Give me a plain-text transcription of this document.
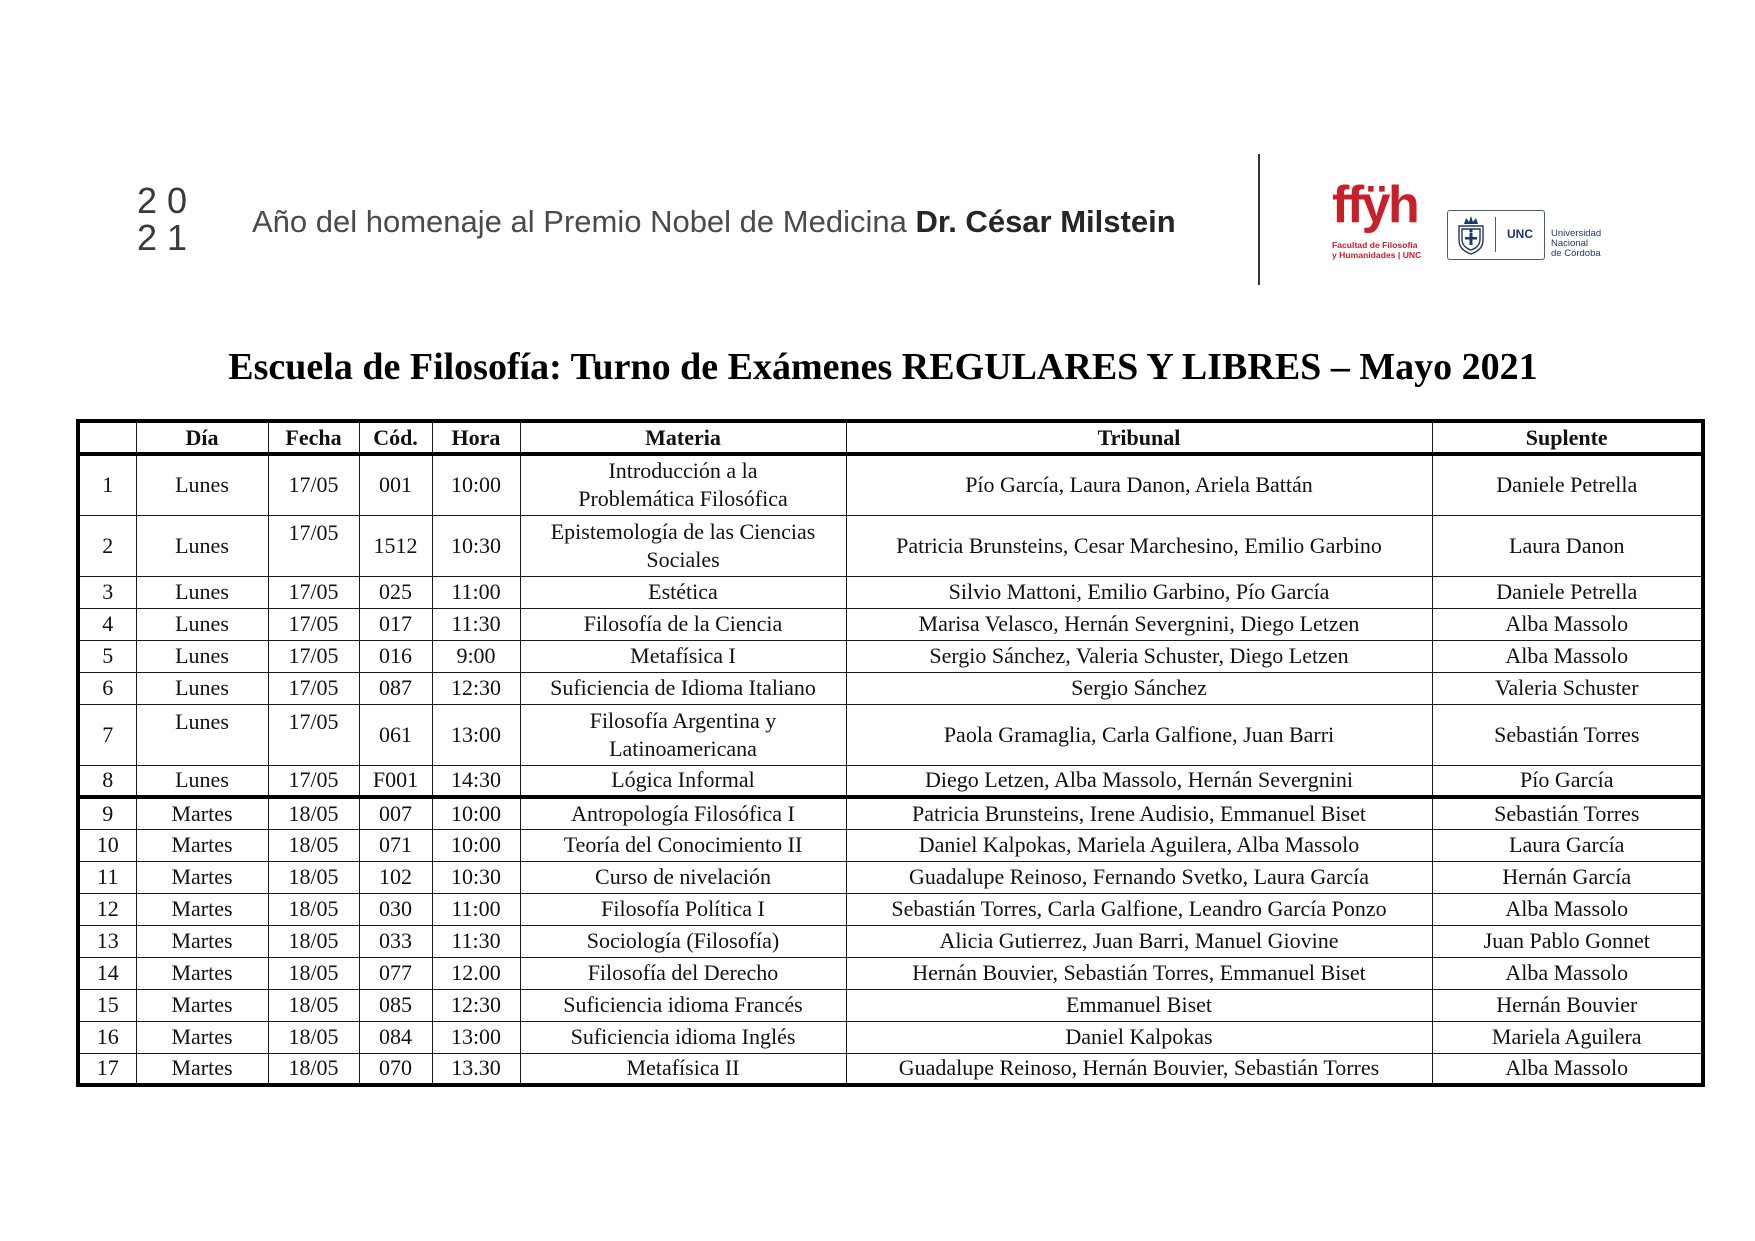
20
21 Año del homenaje al Premio Nobel de Medicina Dr. César Milstein	ffÿh
Facultad de Filosofía
y Humanidades | UNC
UNC	Universidad
Nacional
de Córdoba
Escuela de Filosofía: Turno de Exámenes REGULARES Y LIBRES – Mayo 2021
	Día	Fecha	Cód.	Hora	Materia	Tribunal	Suplente
1	Lunes	17/05	001	10:00	Introducción a la
Problemática Filosófica	Pío García, Laura Danon, Ariela Battán	Daniele Petrella
2	Lunes	17/05	1512	10:30	Epistemología de las Ciencias
Sociales	Patricia Brunsteins, Cesar Marchesino, Emilio Garbino	Laura Danon
3	Lunes	17/05	025	11:00	Estética	Silvio Mattoni, Emilio Garbino, Pío García	Daniele Petrella
4	Lunes	17/05	017	11:30	Filosofía de la Ciencia	Marisa Velasco, Hernán Severgnini, Diego Letzen	Alba Massolo
5	Lunes	17/05	016	9:00	Metafísica I	Sergio Sánchez, Valeria Schuster, Diego Letzen	Alba Massolo
6	Lunes	17/05	087	12:30	Suficiencia de Idioma Italiano	Sergio Sánchez	Valeria Schuster
7	Lunes	17/05	061	13:00	Filosofía Argentina y
Latinoamericana	Paola Gramaglia, Carla Galfione, Juan Barri	Sebastián Torres
8	Lunes	17/05	F001	14:30	Lógica Informal	Diego Letzen, Alba Massolo, Hernán Severgnini	Pío García
9	Martes	18/05	007	10:00	Antropología Filosófica I	Patricia Brunsteins, Irene Audisio, Emmanuel Biset	Sebastián Torres
10	Martes	18/05	071	10:00	Teoría del Conocimiento II	Daniel Kalpokas, Mariela Aguilera, Alba Massolo	Laura García
11	Martes	18/05	102	10:30	Curso de nivelación	Guadalupe Reinoso, Fernando Svetko, Laura García	Hernán García
12	Martes	18/05	030	11:00	Filosofía Política I	Sebastián Torres, Carla Galfione, Leandro García Ponzo	Alba Massolo
13	Martes	18/05	033	11:30	Sociología (Filosofía)	Alicia Gutierrez, Juan Barri, Manuel Giovine	Juan Pablo Gonnet
14	Martes	18/05	077	12.00	Filosofía del Derecho	Hernán Bouvier, Sebastián Torres, Emmanuel Biset	Alba Massolo
15	Martes	18/05	085	12:30	Suficiencia idioma Francés	Emmanuel Biset	Hernán Bouvier
16	Martes	18/05	084	13:00	Suficiencia idioma Inglés	Daniel Kalpokas	Mariela Aguilera
17	Martes	18/05	070	13.30	Metafísica II	Guadalupe Reinoso, Hernán Bouvier, Sebastián Torres	Alba Massolo
